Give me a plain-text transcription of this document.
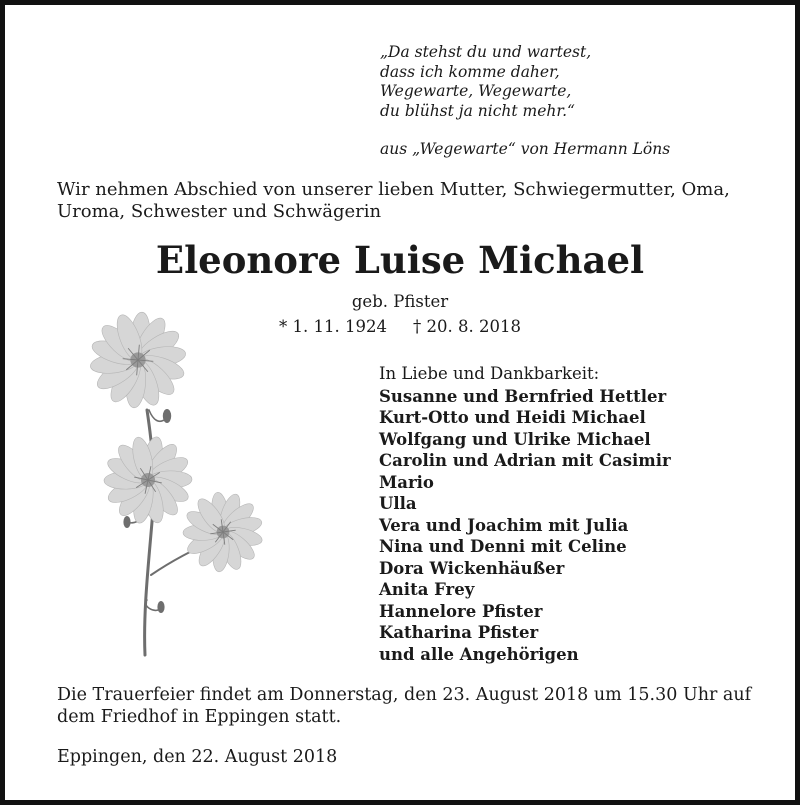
„Da stehst du und wartest,
dass ich komme daher,
Wegewarte, Wegewarte,
du blühst ja nicht mehr.“
aus „Wegewarte“ von Hermann Löns
Wir nehmen Abschied von unserer lieben Mutter, Schwiegermutter, Oma,
Uroma, Schwester und Schwägerin
Eleonore Luise Michael
geb. Pfister
* 1. 11. 1924 † 20. 8. 2018
In Liebe und Dankbarkeit:
Susanne und Bernfried Hettler
Kurt-Otto und Heidi Michael
Wolfgang und Ulrike Michael
Carolin und Adrian mit Casimir
Mario
Ulla
Vera und Joachim mit Julia
Nina und Denni mit Celine
Dora Wickenhäußer
Anita Frey
Hannelore Pfister
Katharina Pfister
und alle Angehörigen
Die Trauerfeier findet am Donnerstag, den 23. August 2018 um 15.30 Uhr auf
dem Friedhof in Eppingen statt.
Eppingen, den 22. August 2018
